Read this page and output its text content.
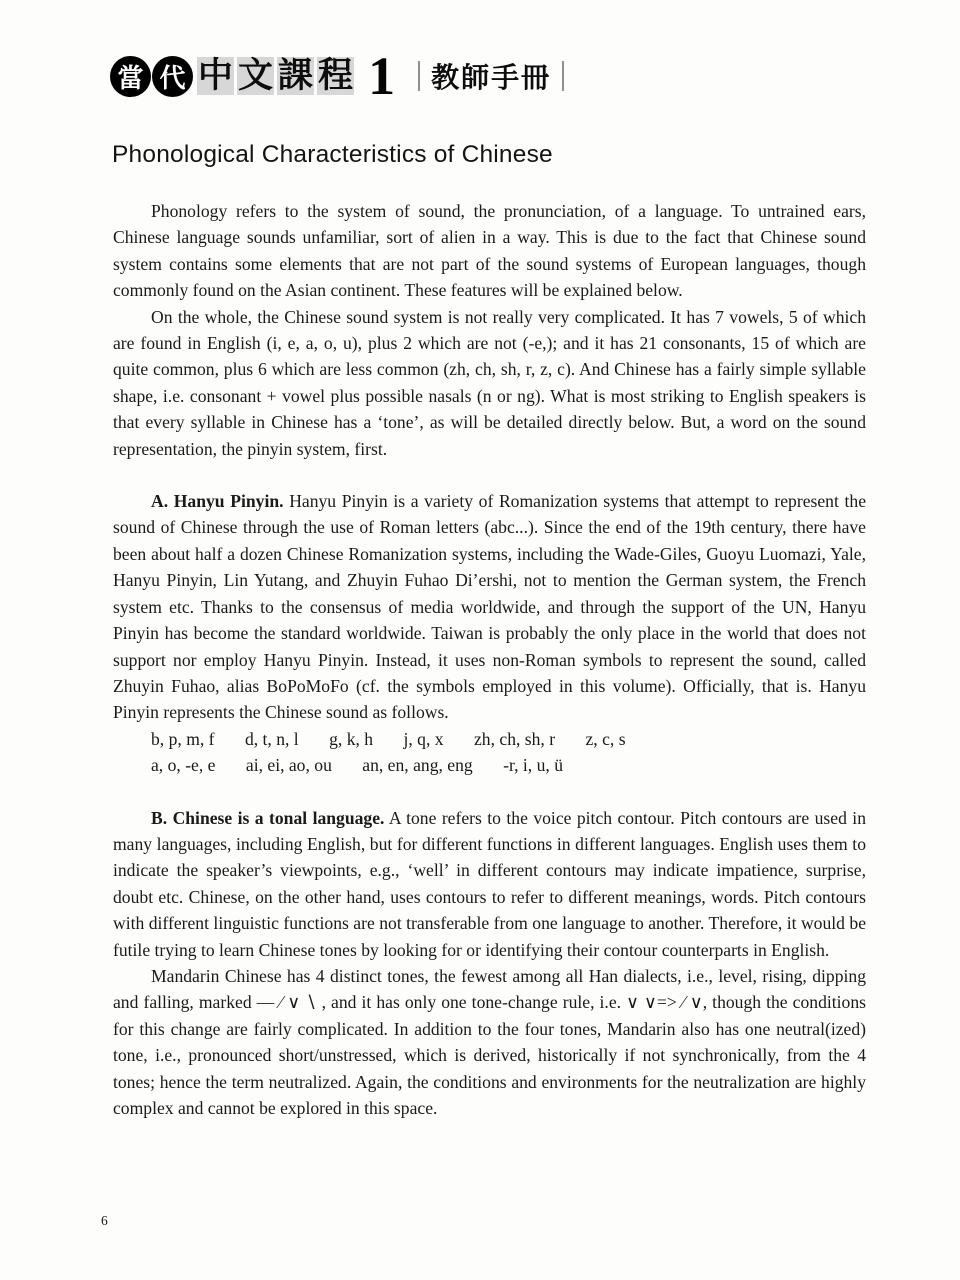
當 代 中 文 課 程 1 教師手冊
Phonological Characteristics of Chinese

Phonology refers to the system of sound, the pronunciation, of a language. To untrained ears, Chinese language sounds unfamiliar, sort of alien in a way. This is due to the fact that Chinese sound system contains some elements that are not part of the sound systems of European languages, though commonly found on the Asian continent. These features will be explained below.

On the whole, the Chinese sound system is not really very complicated. It has 7 vowels, 5 of which are found in English (i, e, a, o, u), plus 2 which are not (-e,); and it has 21 consonants, 15 of which are quite common, plus 6 which are less common (zh, ch, sh, r, z, c). And Chinese has a fairly simple syllable shape, i.e. consonant + vowel plus possible nasals (n or ng). What is most striking to English speakers is that every syllable in Chinese has a ‘tone’, as will be detailed directly below. But, a word on the sound representation, the pinyin system, first.

A. Hanyu Pinyin. Hanyu Pinyin is a variety of Romanization systems that attempt to represent the sound of Chinese through the use of Roman letters (abc...). Since the end of the 19th century, there have been about half a dozen Chinese Romanization systems, including the Wade-Giles, Guoyu Luomazi, Yale, Hanyu Pinyin, Lin Yutang, and Zhuyin Fuhao Di’ershi, not to mention the German system, the French system etc. Thanks to the consensus of media worldwide, and through the support of the UN, Hanyu Pinyin has become the standard worldwide. Taiwan is probably the only place in the world that does not support nor employ Hanyu Pinyin. Instead, it uses non-Roman symbols to represent the sound, called Zhuyin Fuhao, alias BoPoMoFo (cf. the symbols employed in this volume). Officially, that is. Hanyu Pinyin represents the Chinese sound as follows.

b, p, m, f d, t, n, l g, k, h j, q, x zh, ch, sh, r z, c, s
a, o, -e, e ai, ei, ao, ou an, en, ang, eng -r, i, u, ü

B. Chinese is a tonal language. A tone refers to the voice pitch contour. Pitch contours are used in many languages, including English, but for different functions in different languages. English uses them to indicate the speaker’s viewpoints, e.g., ‘well’ in different contours may indicate impatience, surprise, doubt etc. Chinese, on the other hand, uses contours to refer to different meanings, words. Pitch contours with different linguistic functions are not transferable from one language to another. Therefore, it would be futile trying to learn Chinese tones by looking for or identifying their contour counterparts in English.

Mandarin Chinese has 4 distinct tones, the fewest among all Han dialects, i.e., level, rising, dipping and falling, marked — ⁄ ∨ ∖ , and it has only one tone-change rule, i.e. ∨ ∨=> ⁄ ∨, though the conditions for this change are fairly complicated. In addition to the four tones, Mandarin also has one neutral(ized) tone, i.e., pronounced short/unstressed, which is derived, historically if not synchronically, from the 4 tones; hence the term neutralized. Again, the conditions and environments for the neutralization are highly complex and cannot be explored in this space.

6
